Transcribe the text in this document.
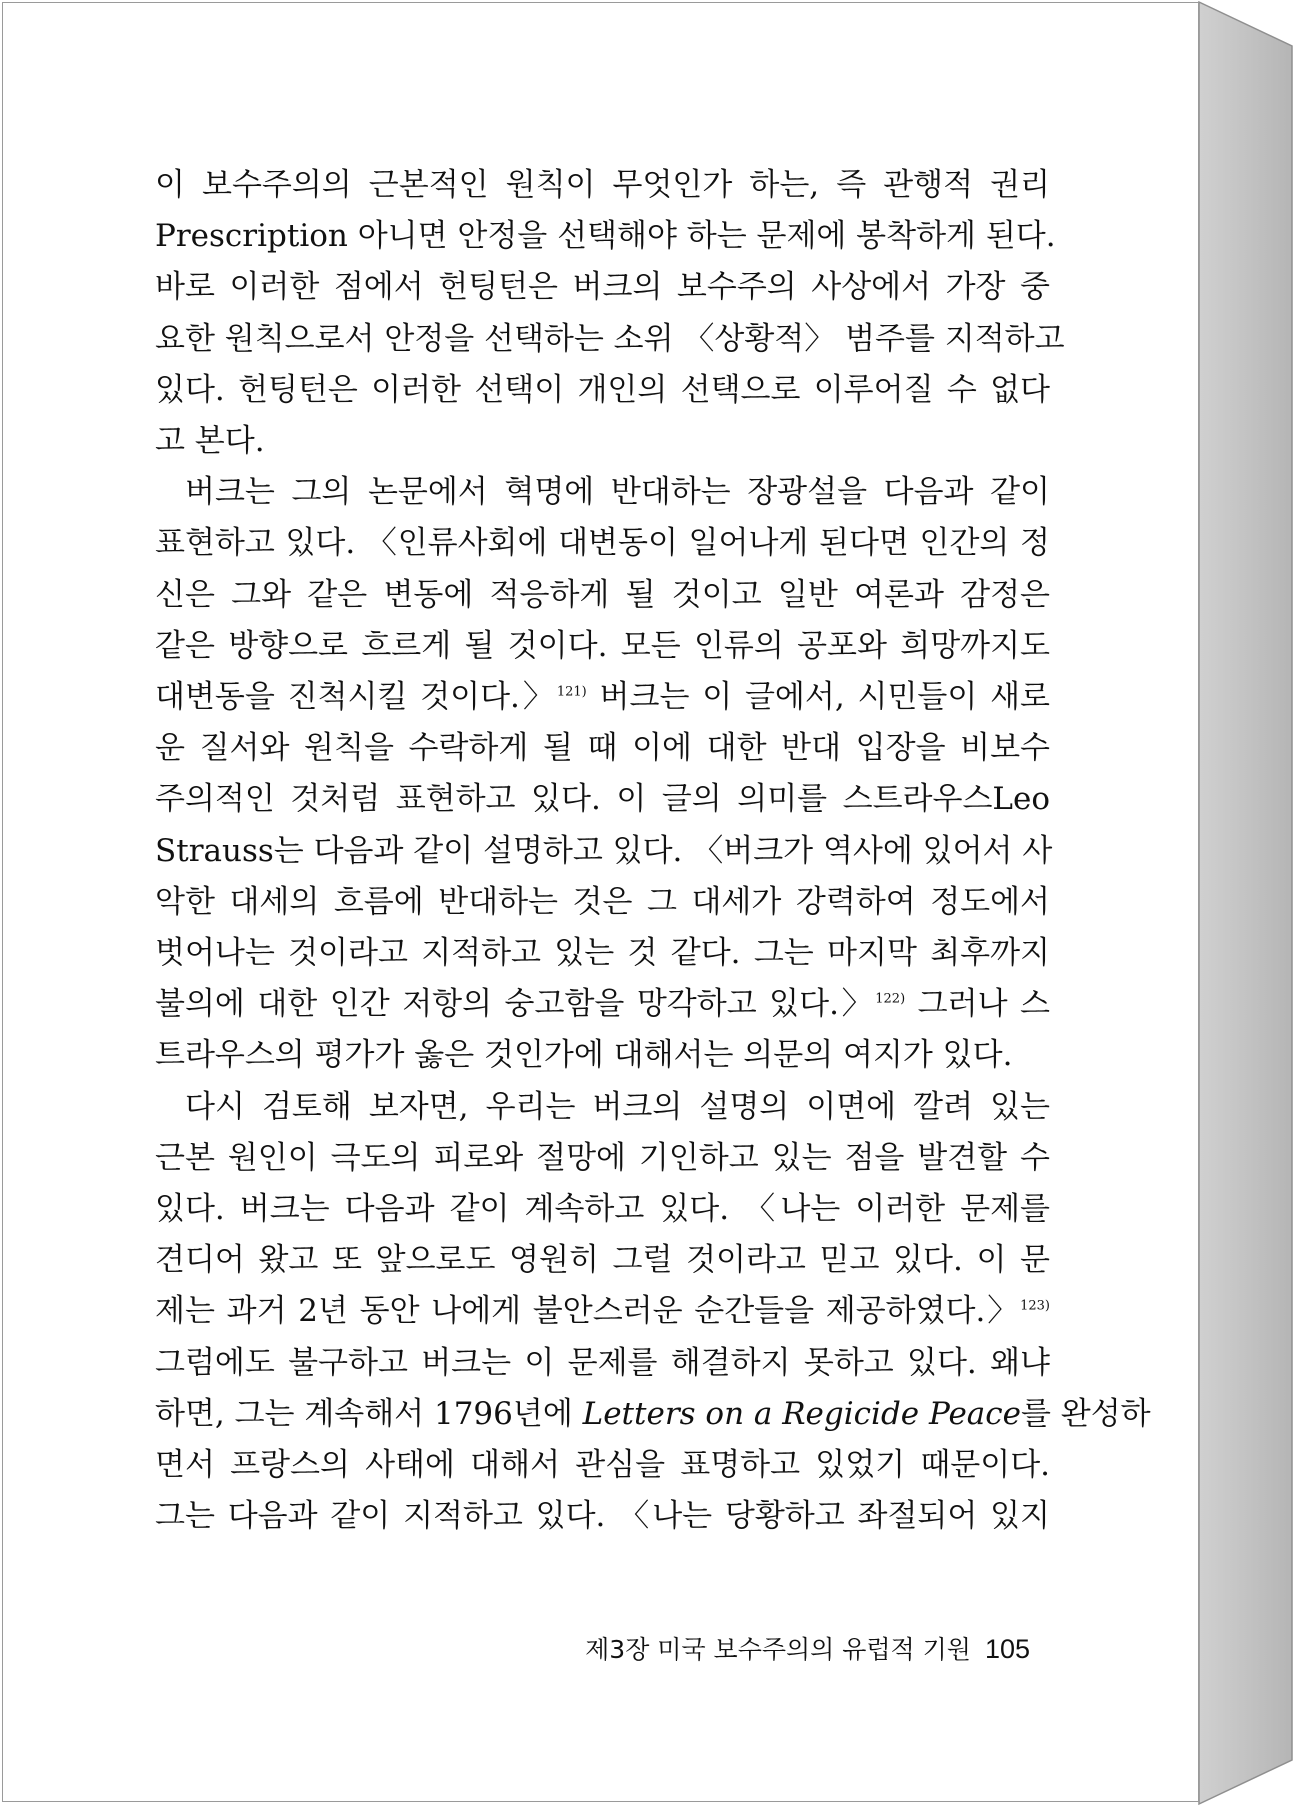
이 보수주의의 근본적인 원칙이 무엇인가 하는, 즉 관행적 권리
Prescription 아니면 안정을 선택해야 하는 문제에 봉착하게 된다.
바로 이러한 점에서 헌팅턴은 버크의 보수주의 사상에서 가장 중
요한 원칙으로서 안정을 선택하는 소위 〈상황적〉 범주를 지적하고
있다. 헌팅턴은 이러한 선택이 개인의 선택으로 이루어질 수 없다
고 본다.

버크는 그의 논문에서 혁명에 반대하는 장광설을 다음과 같이
표현하고 있다. 〈인류사회에 대변동이 일어나게 된다면 인간의 정
신은 그와 같은 변동에 적응하게 될 것이고 일반 여론과 감정은
같은 방향으로 흐르게 될 것이다. 모든 인류의 공포와 희망까지도
대변동을 진척시킬 것이다.〉$^{121)}$ 버크는 이 글에서, 시민들이 새로
운 질서와 원칙을 수락하게 될 때 이에 대한 반대 입장을 비보수
주의적인 것처럼 표현하고 있다. 이 글의 의미를 스트라우스Leo
Strauss는 다음과 같이 설명하고 있다. 〈버크가 역사에 있어서 사
악한 대세의 흐름에 반대하는 것은 그 대세가 강력하여 정도에서
벗어나는 것이라고 지적하고 있는 것 같다. 그는 마지막 최후까지
불의에 대한 인간 저항의 숭고함을 망각하고 있다.〉$^{122)}$ 그러나 스
트라우스의 평가가 옳은 것인가에 대해서는 의문의 여지가 있다.

다시 검토해 보자면, 우리는 버크의 설명의 이면에 깔려 있는
근본 원인이 극도의 피로와 절망에 기인하고 있는 점을 발견할 수
있다. 버크는 다음과 같이 계속하고 있다. 〈나는 이러한 문제를
견디어 왔고 또 앞으로도 영원히 그럴 것이라고 믿고 있다. 이 문
제는 과거 2년 동안 나에게 불안스러운 순간들을 제공하였다.〉$^{123)}$
그럼에도 불구하고 버크는 이 문제를 해결하지 못하고 있다. 왜냐
하면, 그는 계속해서 1796년에 Letters on a Regicide Peace를 완성하
면서 프랑스의 사태에 대해서 관심을 표명하고 있었기 때문이다.
그는 다음과 같이 지적하고 있다. 〈나는 당황하고 좌절되어 있지

제3장 미국 보수주의의 유럽적 기원 105
